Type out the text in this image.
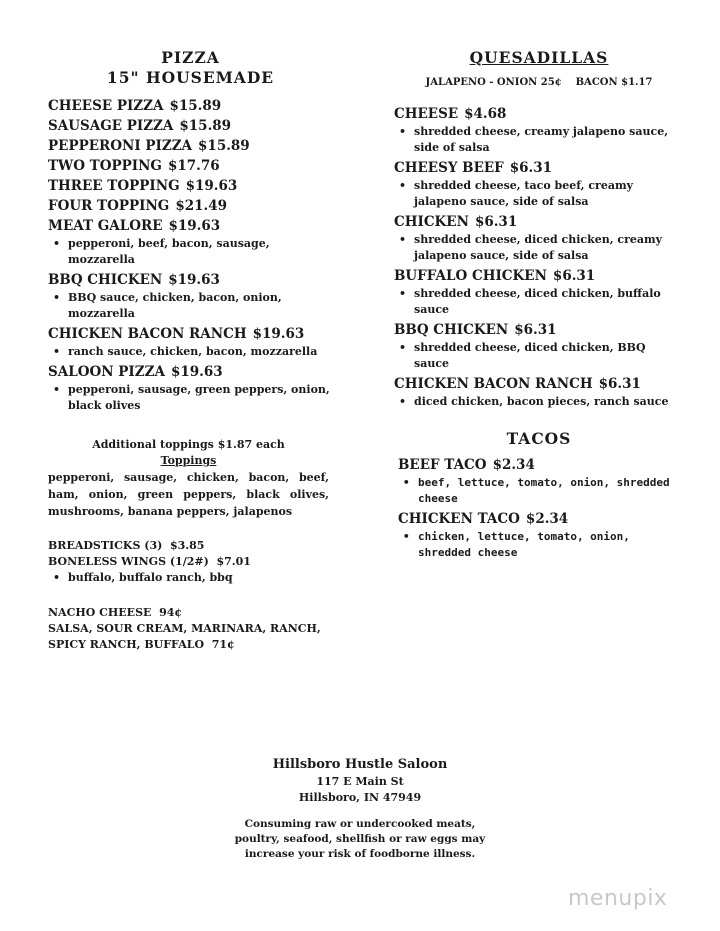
PIZZA
15" HOUSEMADE
CHEESE PIZZA $15.89
SAUSAGE PIZZA $15.89
PEPPERONI PIZZA $15.89
TWO TOPPING $17.76
THREE TOPPING $19.63
FOUR TOPPING $21.49
MEAT GALORE $19.63
• pepperoni, beef, bacon, sausage, mozzarella
BBQ CHICKEN $19.63
• BBQ sauce, chicken, bacon, onion, mozzarella
CHICKEN BACON RANCH $19.63
• ranch sauce, chicken, bacon, mozzarella
SALOON PIZZA $19.63
• pepperoni, sausage, green peppers, onion, black olives
Additional toppings $1.87 each
Toppings
pepperoni, sausage, chicken, bacon, beef, ham, onion, green peppers, black olives, mushrooms, banana peppers, jalapenos
BREADSTICKS (3) $3.85
BONELESS WINGS (1/2#) $7.01
• buffalo, buffalo ranch, bbq
NACHO CHEESE 94¢
SALSA, SOUR CREAM, MARINARA, RANCH, SPICY RANCH, BUFFALO 71¢
QUESADILLAS
JALAPENO - ONION 25¢ BACON $1.17
CHEESE $4.68
• shredded cheese, creamy jalapeno sauce, side of salsa
CHEESY BEEF $6.31
• shredded cheese, taco beef, creamy jalapeno sauce, side of salsa
CHICKEN $6.31
• shredded cheese, diced chicken, creamy jalapeno sauce, side of salsa
BUFFALO CHICKEN $6.31
• shredded cheese, diced chicken, buffalo sauce
BBQ CHICKEN $6.31
• shredded cheese, diced chicken, BBQ sauce
CHICKEN BACON RANCH $6.31
• diced chicken, bacon pieces, ranch sauce
TACOS
BEEF TACO $2.34
• beef, lettuce, tomato, onion, shredded cheese
CHICKEN TACO $2.34
• chicken, lettuce, tomato, onion, shredded cheese
Hillsboro Hustle Saloon
117 E Main St
Hillsboro, IN 47949
Consuming raw or undercooked meats, poultry, seafood, shellfish or raw eggs may increase your risk of foodborne illness.
menupix
